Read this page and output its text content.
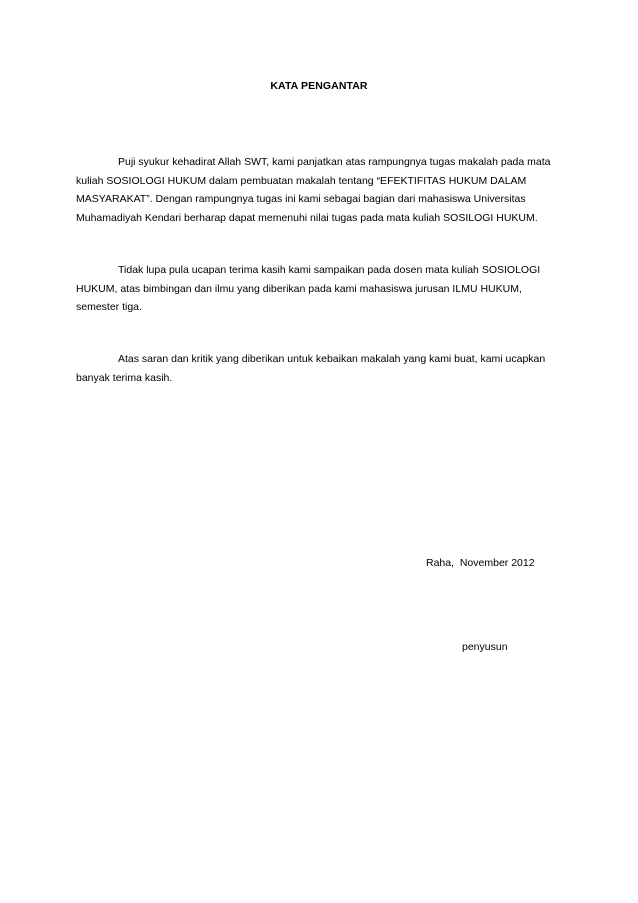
KATA PENGANTAR

Puji syukur kehadirat Allah SWT, kami panjatkan atas rampungnya tugas makalah pada mata
kuliah SOSIOLOGI HUKUM dalam pembuatan makalah tentang “EFEKTIFITAS HUKUM DALAM
MASYARAKAT”. Dengan rampungnya tugas ini kami sebagai bagian dari mahasiswa Universitas
Muhamadiyah Kendari berharap dapat memenuhi nilai tugas pada mata kuliah SOSILOGI HUKUM.

Tidak lupa pula ucapan terima kasih kami sampaikan pada dosen mata kuliah SOSIOLOGI
HUKUM, atas bimbingan dan ilmu yang diberikan pada kami mahasiswa jurusan ILMU HUKUM,
semester tiga.

Atas saran dan kritik yang diberikan untuk kebaikan makalah yang kami buat, kami ucapkan
banyak terima kasih.

Raha,  November 2012
penyusun
